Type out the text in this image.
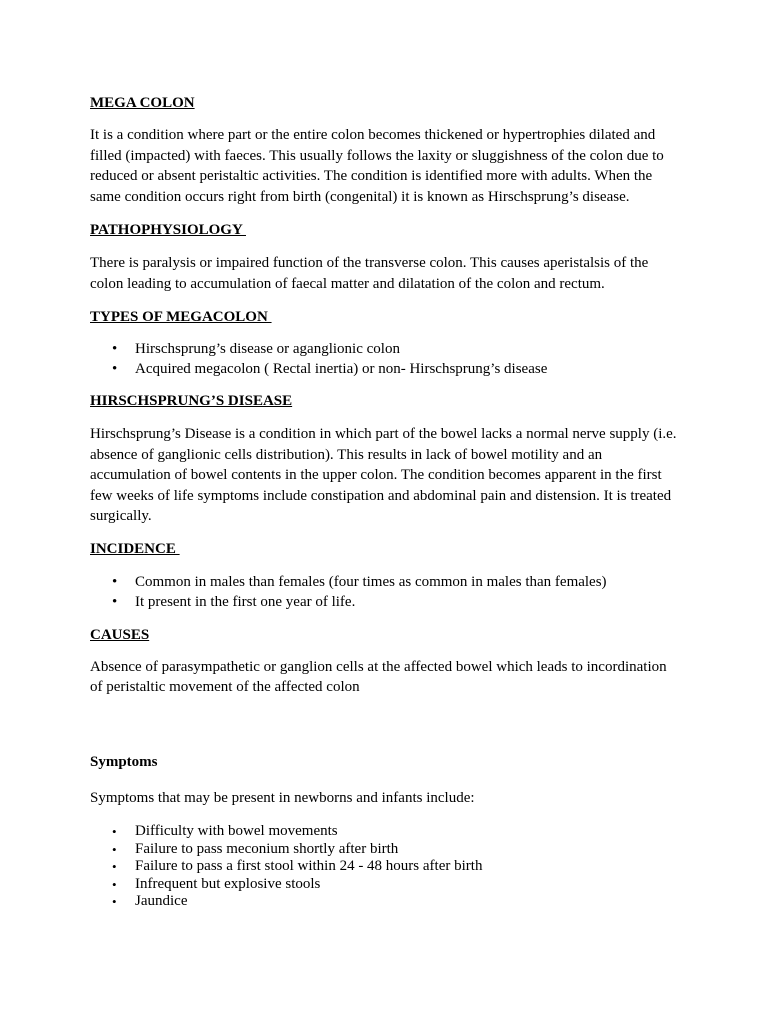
MEGA COLON

It is a condition where part or the entire colon becomes thickened or hypertrophies dilated and filled (impacted) with faeces. This usually follows the laxity or sluggishness of the colon due to reduced or absent peristaltic activities. The condition is identified more with adults. When the same condition occurs right from birth (congenital) it is known as Hirschsprung’s disease.

PATHOPHYSIOLOGY

There is paralysis or impaired function of the transverse colon. This causes aperistalsis of the colon leading to accumulation of faecal matter and dilatation of the colon and rectum.

TYPES OF MEGACOLON

• Hirschsprung’s disease or aganglionic colon
• Acquired megacolon ( Rectal inertia) or non- Hirschsprung’s disease

HIRSCHSPRUNG’S DISEASE

Hirschsprung’s Disease is a condition in which part of the bowel lacks a normal nerve supply (i.e. absence of ganglionic cells distribution). This results in lack of bowel motility and an accumulation of bowel contents in the upper colon. The condition becomes apparent in the first few weeks of life symptoms include constipation and abdominal pain and distension. It is treated surgically.

INCIDENCE

• Common in males than females (four times as common in males than females)
• It present in the first one year of life.

CAUSES

Absence of parasympathetic or ganglion cells at the affected bowel which leads to incordination of peristaltic movement of the affected colon

Symptoms

Symptoms that may be present in newborns and infants include:

• Difficulty with bowel movements
• Failure to pass meconium shortly after birth
• Failure to pass a first stool within 24 - 48 hours after birth
• Infrequent but explosive stools
• Jaundice
